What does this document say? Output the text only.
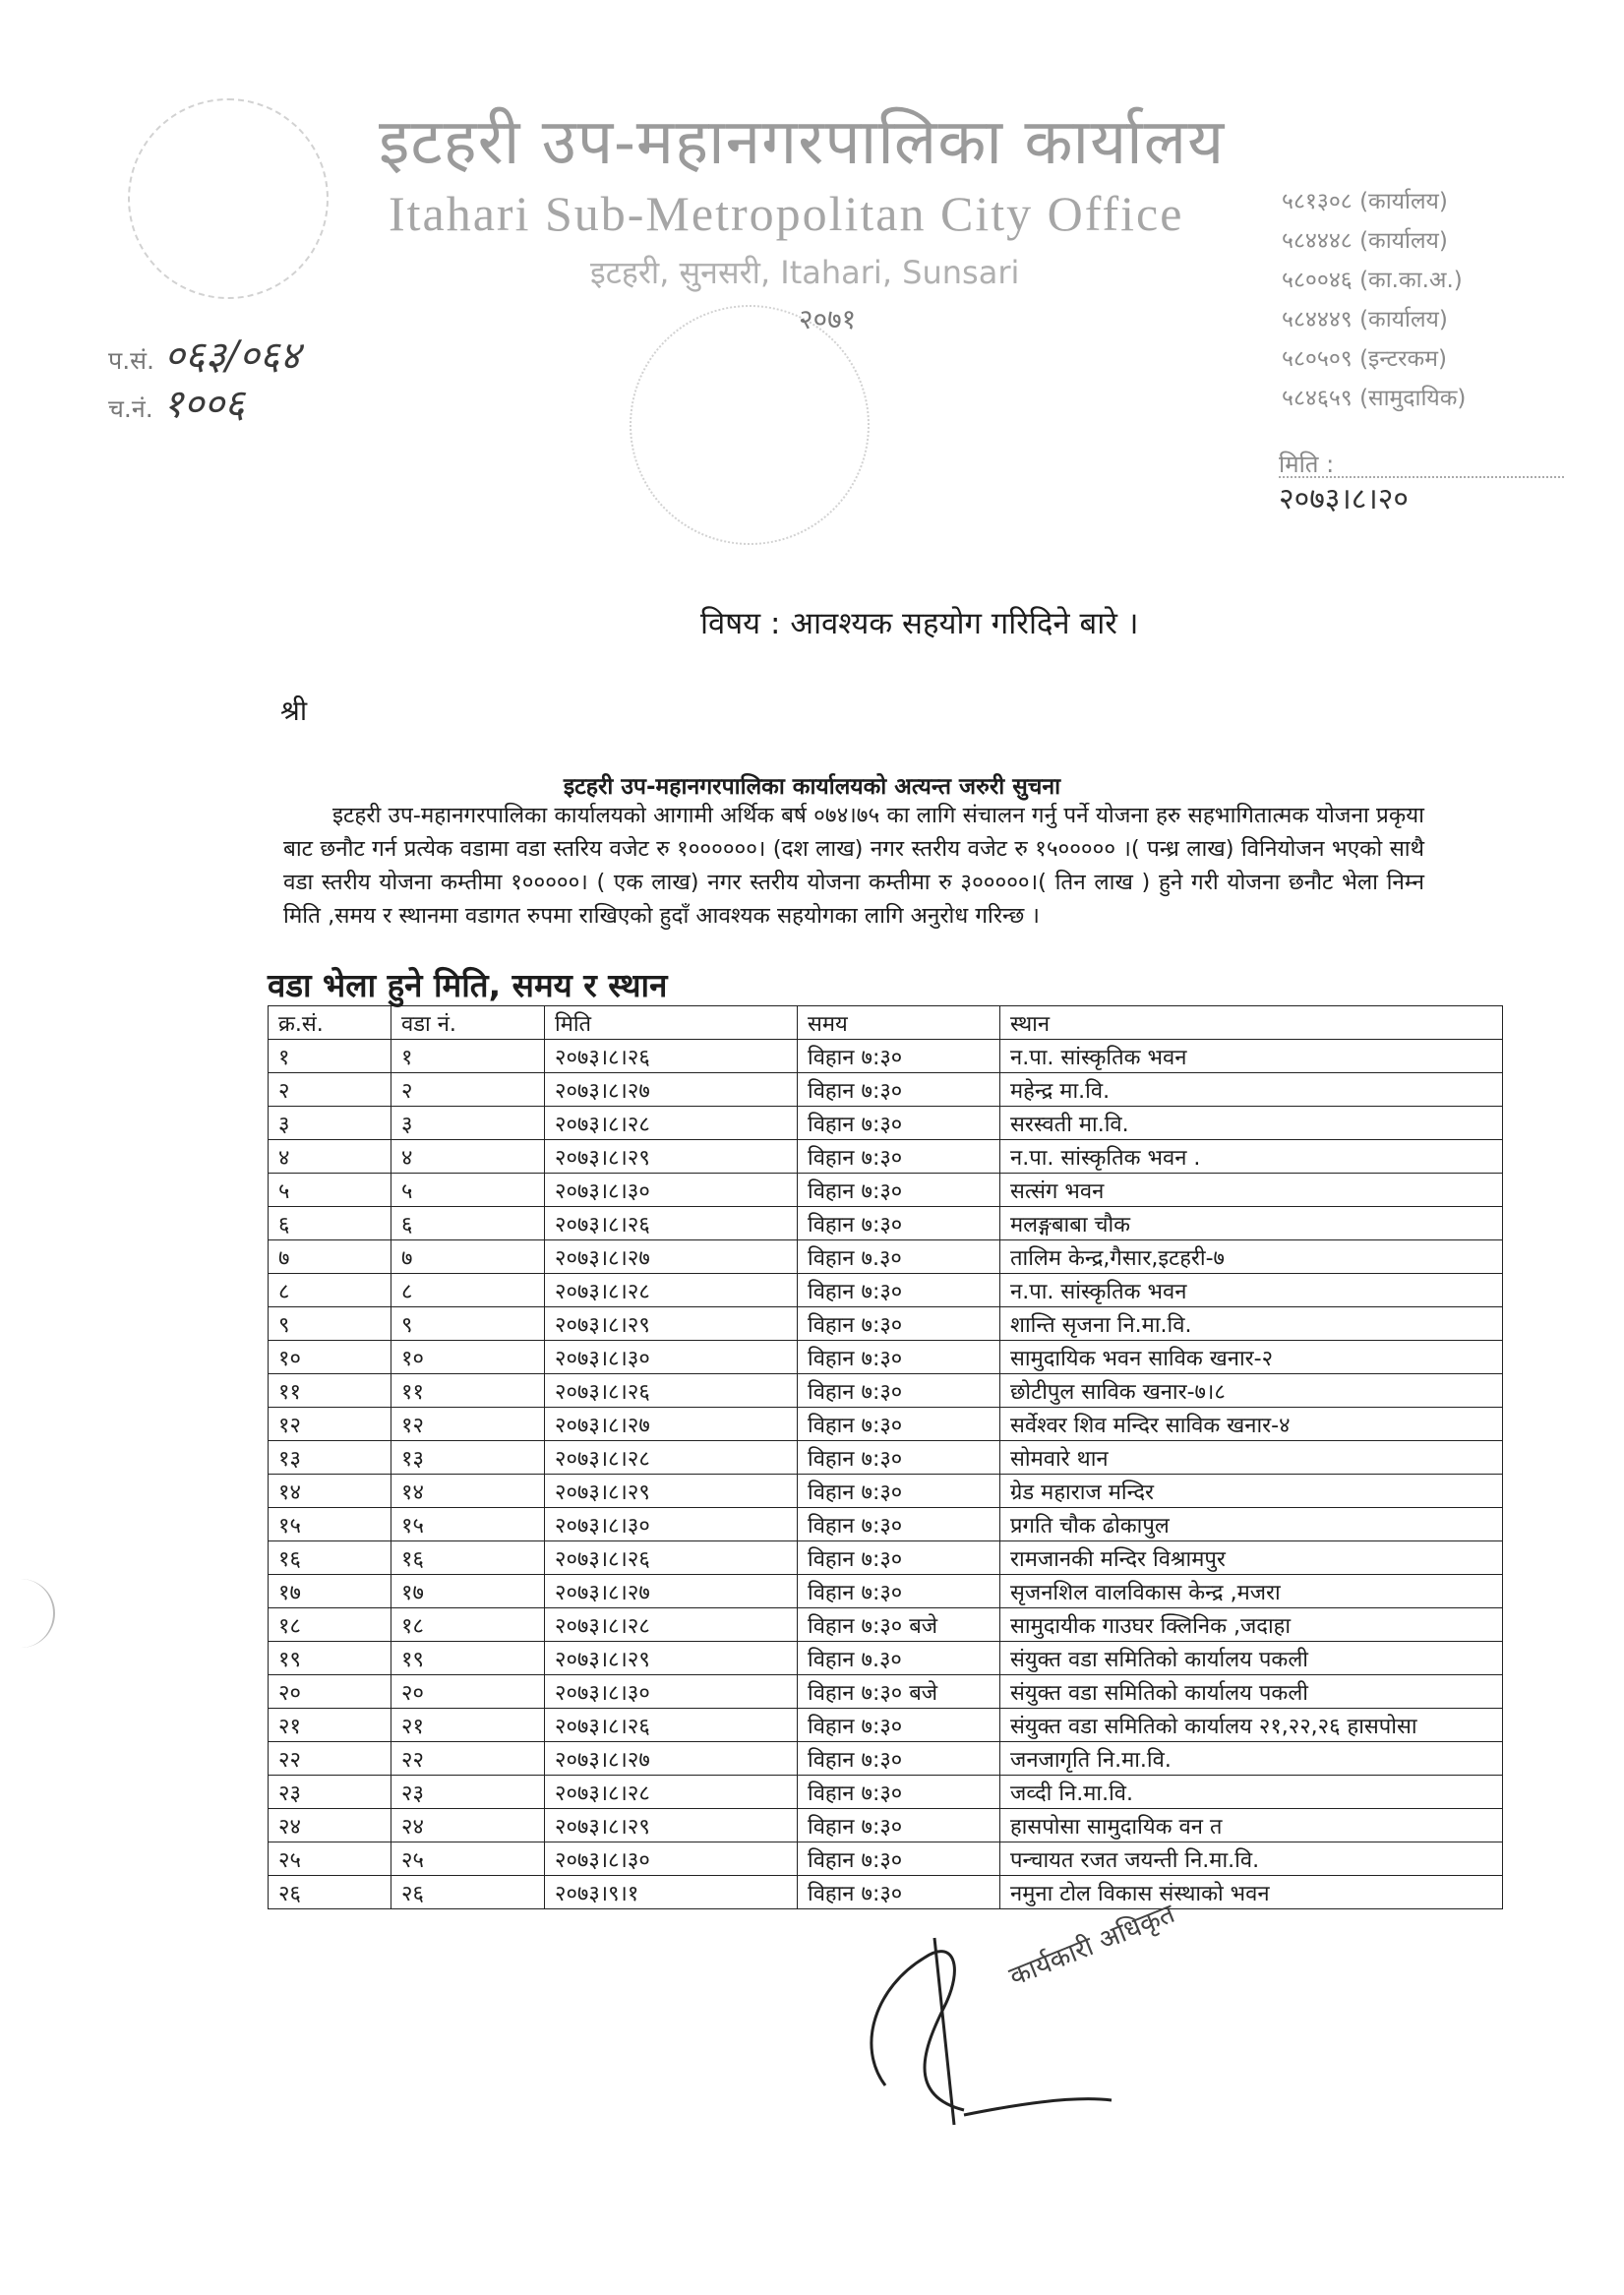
इटहरी उप-महानगरपालिका कार्यालय
Itahari Sub-Metropolitan City Office
इटहरी, सुनसरी, Itahari, Sunsari
२०७१
५८१३०८ (कार्यालय)
५८४४४८ (कार्यालय)
५८००४६ (का.का.अ.)
५८४४४९ (कार्यालय)
५८०५०९ (इन्टरकम)
५८४६५९ (सामुदायिक)
प.सं. ०६३/०६४
च.नं. १००६
मिति :
२०७३।८।२०
विषय : आवश्यक सहयोग गरिदिने बारे ।
श्री
इटहरी उप-महानगरपालिका कार्यालयको अत्यन्त जरुरी सुचना
इटहरी उप-महानगरपालिका कार्यालयको आगामी अर्थिक बर्ष ०७४।७५ का लागि संचालन गर्नु पर्ने योजना हरु सहभागितात्मक योजना प्रकृया बाट छनौट गर्न प्रत्येक वडामा वडा स्तरिय वजेट रु १००००००। (दश लाख) नगर स्तरीय वजेट रु १५००००० ।( पन्ध्र लाख) विनियोजन भएको साथै वडा स्तरीय योजना कम्तीमा १०००००। ( एक लाख) नगर स्तरीय योजना कम्तीमा रु ३०००००।( तिन लाख ) हुने गरी योजना छनौट भेला निम्न मिति ,समय र स्थानमा वडागत रुपमा राखिएको हुदाँ आवश्यक सहयोगका लागि अनुरोध गरिन्छ ।
वडा भेला हुने मिति, समय र स्थान
क्र.सं.	वडा नं.	मिति	समय	स्थान
१	१	२०७३।८।२६	विहान ७:३०	न.पा. सांस्कृतिक भवन
२	२	२०७३।८।२७	विहान ७:३०	महेन्द्र मा.वि.
३	३	२०७३।८।२८	विहान ७:३०	सरस्वती मा.वि.
४	४	२०७३।८।२९	विहान ७:३०	न.पा. सांस्कृतिक भवन .
५	५	२०७३।८।३०	विहान ७:३०	सत्संग भवन
६	६	२०७३।८।२६	विहान ७:३०	मलङ्गबाबा चौक
७	७	२०७३।८।२७	विहान ७.३०	तालिम केन्द्र,गैसार,इटहरी-७
८	८	२०७३।८।२८	विहान ७:३०	न.पा. सांस्कृतिक भवन
९	९	२०७३।८।२९	विहान ७:३०	शान्ति सृजना नि.मा.वि.
१०	१०	२०७३।८।३०	विहान ७:३०	सामुदायिक भवन साविक खनार-२
११	११	२०७३।८।२६	विहान ७:३०	छोटीपुल साविक खनार-७।८
१२	१२	२०७३।८।२७	विहान ७:३०	सर्वेश्वर शिव मन्दिर साविक खनार-४
१३	१३	२०७३।८।२८	विहान ७:३०	सोमवारे थान
१४	१४	२०७३।८।२९	विहान ७:३०	ग्रेड महाराज मन्दिर
१५	१५	२०७३।८।३०	विहान ७:३०	प्रगति चौक ढोकापुल
१६	१६	२०७३।८।२६	विहान ७:३०	रामजानकी मन्दिर विश्रामपुर
१७	१७	२०७३।८।२७	विहान ७:३०	सृजनशिल वालविकास केन्द्र ,मजरा
१८	१८	२०७३।८।२८	विहान ७:३० बजे	सामुदायीक गाउघर क्लिनिक ,जदाहा
१९	१९	२०७३।८।२९	विहान ७.३०	संयुक्त वडा समितिको कार्यालय पकली
२०	२०	२०७३।८।३०	विहान ७:३० बजे	संयुक्त वडा समितिको कार्यालय पकली
२१	२१	२०७३।८।२६	विहान ७:३०	संयुक्त वडा समितिको कार्यालय २१,२२,२६ हासपोसा
२२	२२	२०७३।८।२७	विहान ७:३०	जनजागृति नि.मा.वि.
२३	२३	२०७३।८।२८	विहान ७:३०	जव्दी नि.मा.वि.
२४	२४	२०७३।८।२९	विहान ७:३०	हासपोसा सामुदायिक वन त
२५	२५	२०७३।८।३०	विहान ७:३०	पन्चायत रजत जयन्ती नि.मा.वि.
२६	२६	२०७३।९।१	विहान ७:३०	नमुना टोल विकास संस्थाको भवन
कार्यकारी अधिकृत
